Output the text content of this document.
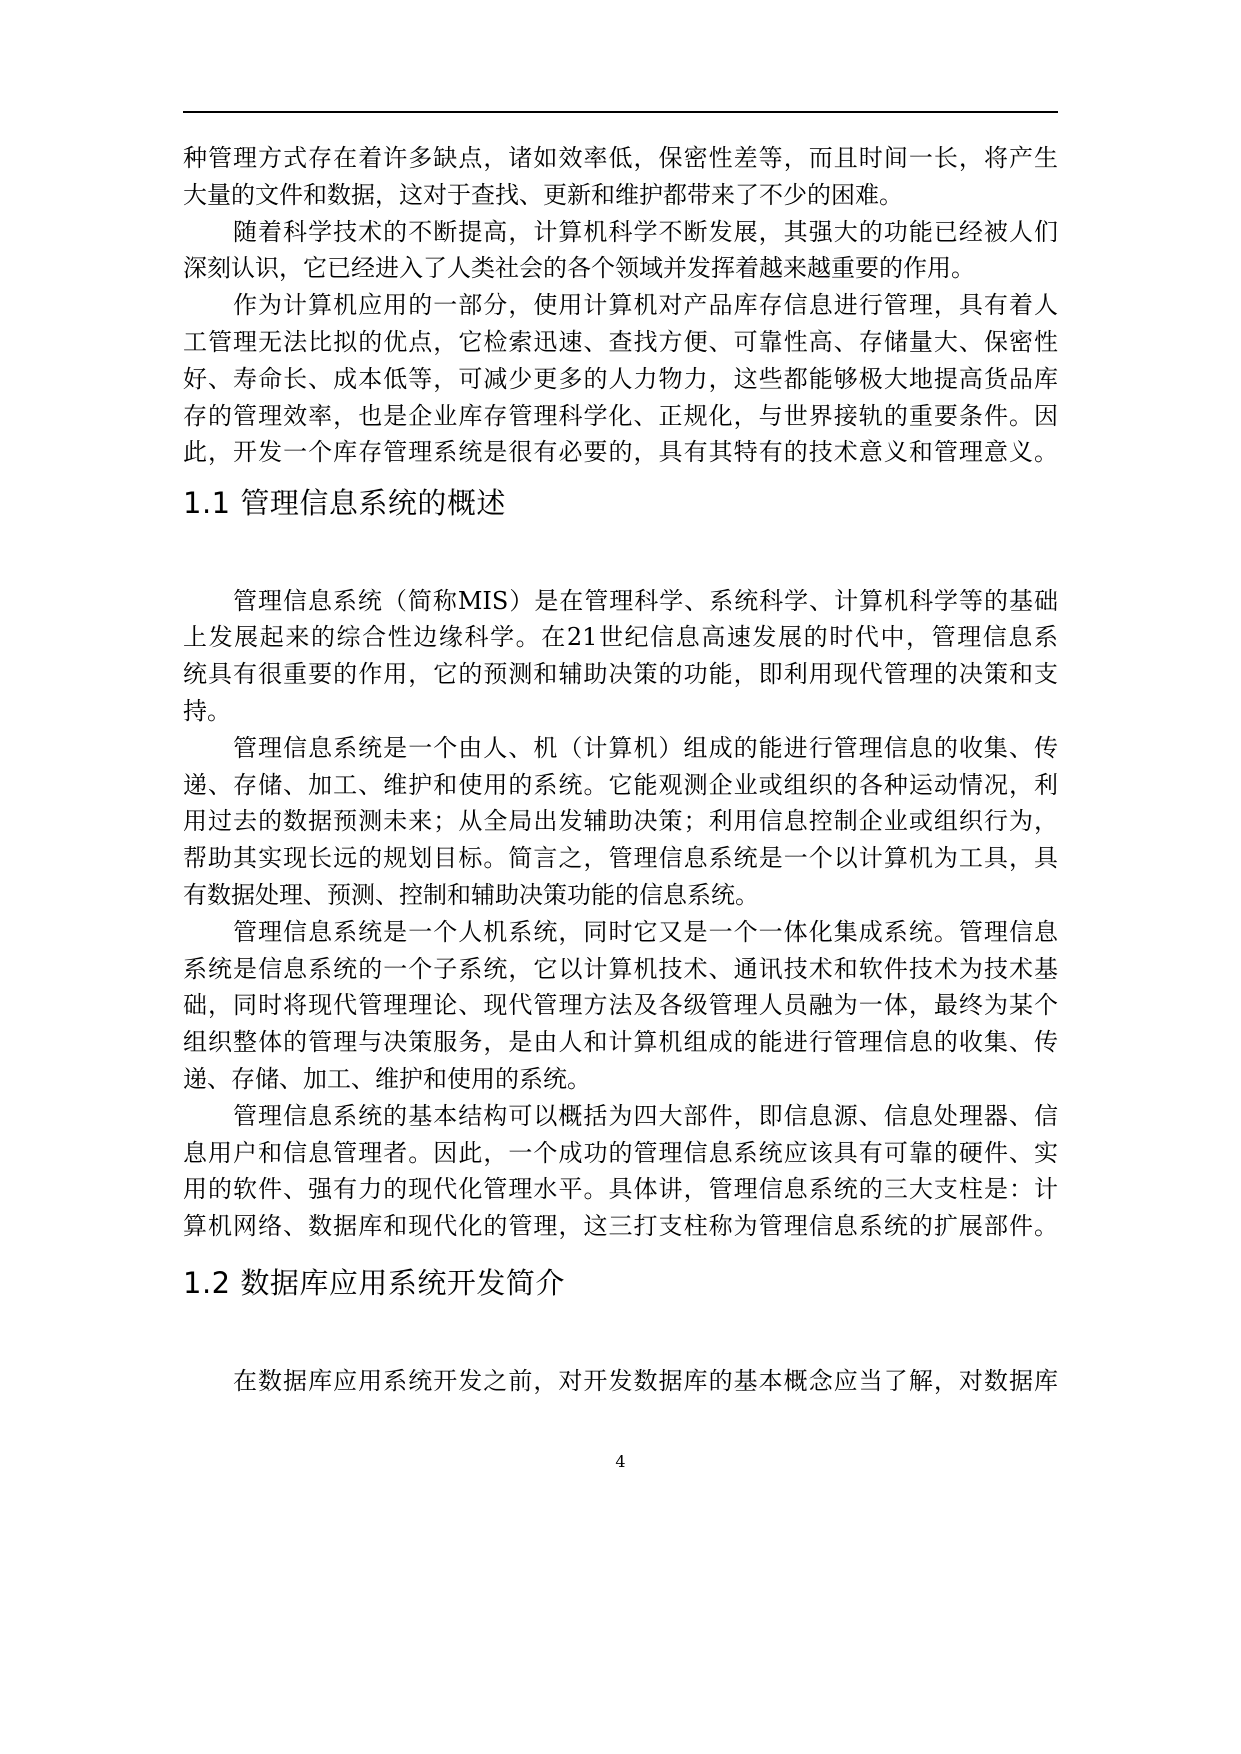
种管理方式存在着许多缺点，诸如效率低，保密性差等，而且时间一长，将产生
大量的文件和数据，这对于查找、更新和维护都带来了不少的困难。
随着科学技术的不断提高，计算机科学不断发展，其强大的功能已经被人们
深刻认识，它已经进入了人类社会的各个领域并发挥着越来越重要的作用。
作为计算机应用的一部分，使用计算机对产品库存信息进行管理，具有着人
工管理无法比拟的优点，它检索迅速、查找方便、可靠性高、存储量大、保密性
好、寿命长、成本低等，可减少更多的人力物力，这些都能够极大地提高货品库
存的管理效率，也是企业库存管理科学化、正规化，与世界接轨的重要条件。因
此，开发一个库存管理系统是很有必要的，具有其特有的技术意义和管理意义。
1.1 管理信息系统的概述
管理信息系统（简称MIS）是在管理科学、系统科学、计算机科学等的基础
上发展起来的综合性边缘科学。在21世纪信息高速发展的时代中，管理信息系
统具有很重要的作用，它的预测和辅助决策的功能，即利用现代管理的决策和支
持。
管理信息系统是一个由人、机（计算机）组成的能进行管理信息的收集、传
递、存储、加工、维护和使用的系统。它能观测企业或组织的各种运动情况，利
用过去的数据预测未来；从全局出发辅助决策；利用信息控制企业或组织行为，
帮助其实现长远的规划目标。简言之，管理信息系统是一个以计算机为工具，具
有数据处理、预测、控制和辅助决策功能的信息系统。
管理信息系统是一个人机系统，同时它又是一个一体化集成系统。管理信息
系统是信息系统的一个子系统，它以计算机技术、通讯技术和软件技术为技术基
础，同时将现代管理理论、现代管理方法及各级管理人员融为一体，最终为某个
组织整体的管理与决策服务，是由人和计算机组成的能进行管理信息的收集、传
递、存储、加工、维护和使用的系统。
管理信息系统的基本结构可以概括为四大部件，即信息源、信息处理器、信
息用户和信息管理者。因此，一个成功的管理信息系统应该具有可靠的硬件、实
用的软件、强有力的现代化管理水平。具体讲，管理信息系统的三大支柱是：计
算机网络、数据库和现代化的管理，这三打支柱称为管理信息系统的扩展部件。
1.2 数据库应用系统开发简介
在数据库应用系统开发之前，对开发数据库的基本概念应当了解，对数据库
4
